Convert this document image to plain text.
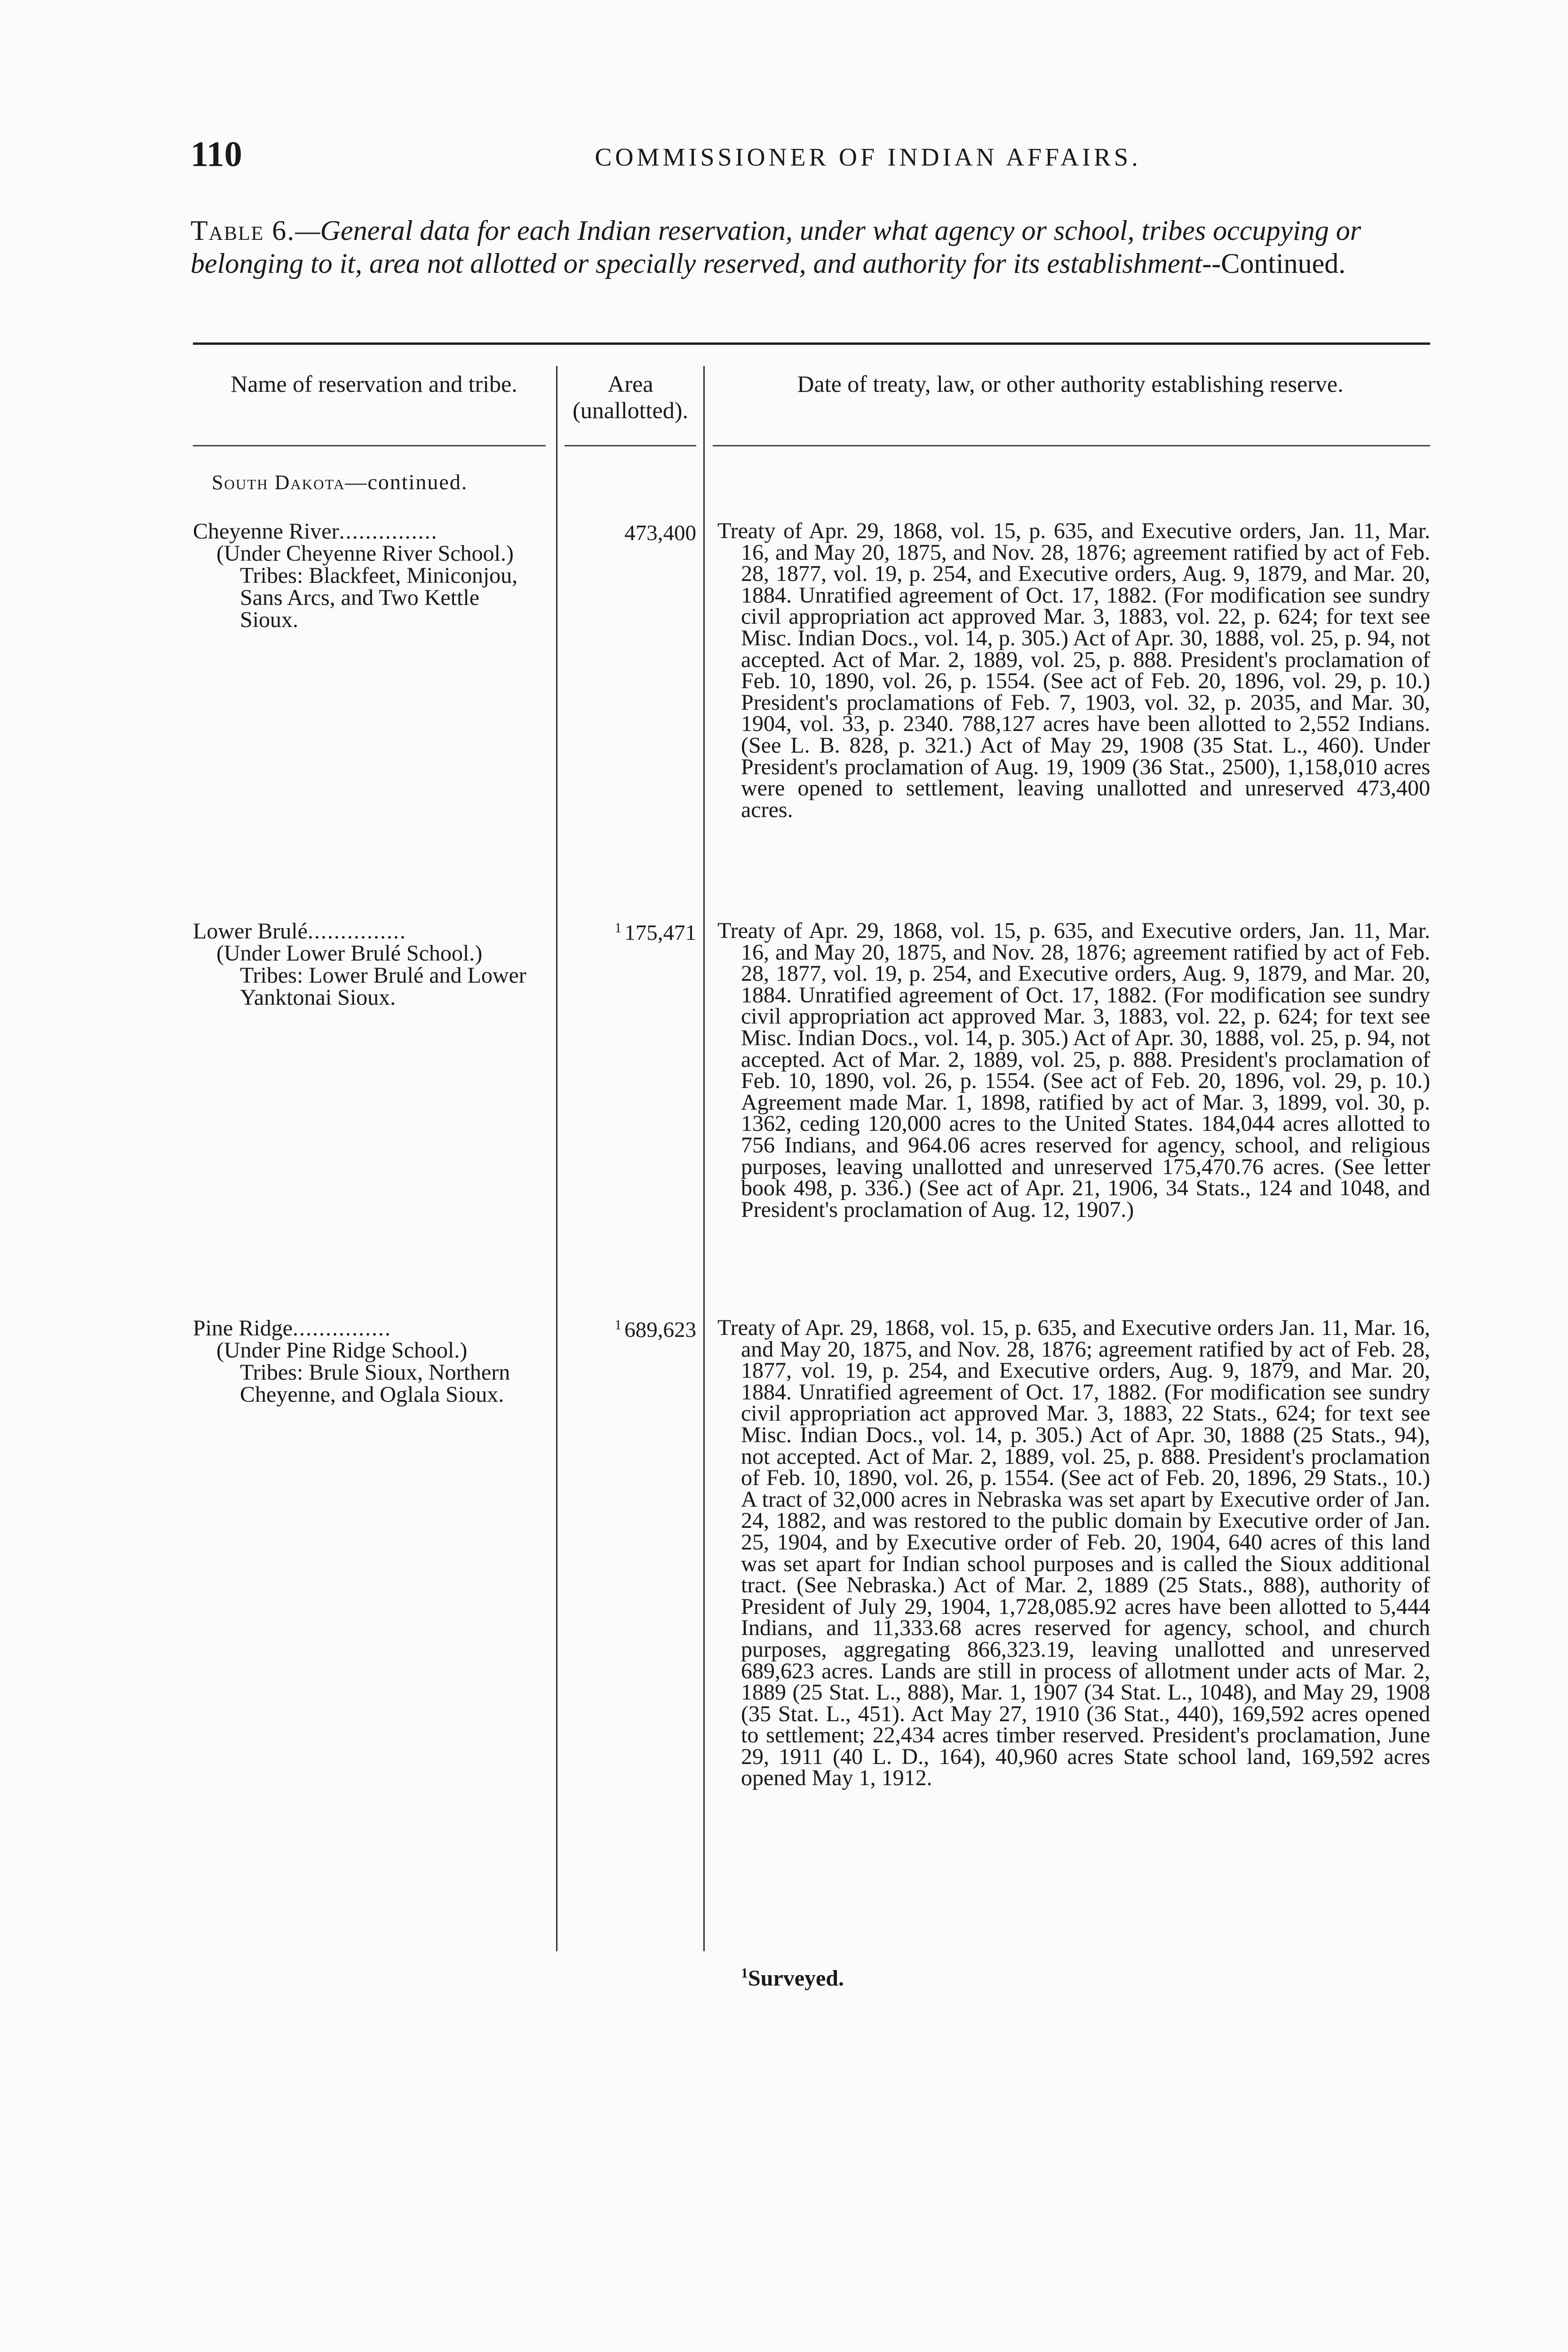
110	COMMISSIONER OF INDIAN AFFAIRS.
Table 6.—General data for each Indian reservation, under what agency or school, tribes occupying or belonging to it, area not allotted or specially reserved, and authority for its establishment--Continued.
Name of reservation and tribe.	Area (unallotted).
Date of treaty, law, or other authority establishing reserve.
South Dakota—continued.
Cheyenne River...............
(Under Cheyenne River School.)
Tribes: Blackfeet, Miniconjou, Sans Arcs, and Two Kettle Sioux.
473,400 Treaty of Apr. 29, 1868, vol. 15, p. 635, and Executive orders, Jan. 11, Mar. 16, and May 20, 1875, and Nov. 28, 1876; agreement ratified by act of Feb. 28, 1877, vol. 19, p. 254, and Executive orders, Aug. 9, 1879, and Mar. 20, 1884. Unratified agreement of Oct. 17, 1882. (For modification see sundry civil appropriation act approved Mar. 3, 1883, vol. 22, p. 624; for text see Misc. Indian Docs., vol. 14, p. 305.) Act of Apr. 30, 1888, vol. 25, p. 94, not accepted. Act of Mar. 2, 1889, vol. 25, p. 888. President's proclamation of Feb. 10, 1890, vol. 26, p. 1554. (See act of Feb. 20, 1896, vol. 29, p. 10.) President's proclamations of Feb. 7, 1903, vol. 32, p. 2035, and Mar. 30, 1904, vol. 33, p. 2340. 788,127 acres have been allotted to 2,552 Indians. (See L. B. 828, p. 321.) Act of May 29, 1908 (35 Stat. L., 460). Under President's proclamation of Aug. 19, 1909 (36 Stat., 2500), 1,158,010 acres were opened to settlement, leaving unallotted and unreserved 473,400 acres.

Lower Brulé...............
(Under Lower Brulé School.)
Tribes: Lower Brulé and Lower Yanktonai Sioux.
$^1$ 175,471 Treaty of Apr. 29, 1868, vol. 15, p. 635, and Executive orders, Jan. 11, Mar. 16, and May 20, 1875, and Nov. 28, 1876; agreement ratified by act of Feb. 28, 1877, vol. 19, p. 254, and Executive orders, Aug. 9, 1879, and Mar. 20, 1884. Unratified agreement of Oct. 17, 1882. (For modification see sundry civil appropriation act approved Mar. 3, 1883, vol. 22, p. 624; for text see Misc. Indian Docs., vol. 14, p. 305.) Act of Apr. 30, 1888, vol. 25, p. 94, not accepted. Act of Mar. 2, 1889, vol. 25, p. 888. President's proclamation of Feb. 10, 1890, vol. 26, p. 1554. (See act of Feb. 20, 1896, vol. 29, p. 10.) Agreement made Mar. 1, 1898, ratified by act of Mar. 3, 1899, vol. 30, p. 1362, ceding 120,000 acres to the United States. 184,044 acres allotted to 756 Indians, and 964.06 acres reserved for agency, school, and religious purposes, leaving unallotted and unreserved 175,470.76 acres. (See letter book 498, p. 336.) (See act of Apr. 21, 1906, 34 Stats., 124 and 1048, and President's proclamation of Aug. 12, 1907.)

Pine Ridge...............
(Under Pine Ridge School.)
Tribes: Brule Sioux, Northern Cheyenne, and Oglala Sioux.
$^1$ 689,623 Treaty of Apr. 29, 1868, vol. 15, p. 635, and Executive orders Jan. 11, Mar. 16, and May 20, 1875, and Nov. 28, 1876; agreement ratified by act of Feb. 28, 1877, vol. 19, p. 254, and Executive orders, Aug. 9, 1879, and Mar. 20, 1884. Unratified agreement of Oct. 17, 1882. (For modification see sundry civil appropriation act approved Mar. 3, 1883, 22 Stats., 624; for text see Misc. Indian Docs., vol. 14, p. 305.) Act of Apr. 30, 1888 (25 Stats., 94), not accepted. Act of Mar. 2, 1889, vol. 25, p. 888. President's proclamation of Feb. 10, 1890, vol. 26, p. 1554. (See act of Feb. 20, 1896, 29 Stats., 10.) A tract of 32,000 acres in Nebraska was set apart by Executive order of Jan. 24, 1882, and was restored to the public domain by Executive order of Jan. 25, 1904, and by Executive order of Feb. 20, 1904, 640 acres of this land was set apart for Indian school purposes and is called the Sioux additional tract. (See Nebraska.) Act of Mar. 2, 1889 (25 Stats., 888), authority of President of July 29, 1904, 1,728,085.92 acres have been allotted to 5,444 Indians, and 11,333.68 acres reserved for agency, school, and church purposes, aggregating 866,323.19, leaving unallotted and unreserved 689,623 acres. Lands are still in process of allotment under acts of Mar. 2, 1889 (25 Stat. L., 888), Mar. 1, 1907 (34 Stat. L., 1048), and May 29, 1908 (35 Stat. L., 451). Act May 27, 1910 (36 Stat., 440), 169,592 acres opened to settlement; 22,434 acres timber reserved. President's proclamation, June 29, 1911 (40 L. D., 164), 40,960 acres State school land, 169,592 acres opened May 1, 1912.

$^1$Surveyed.
